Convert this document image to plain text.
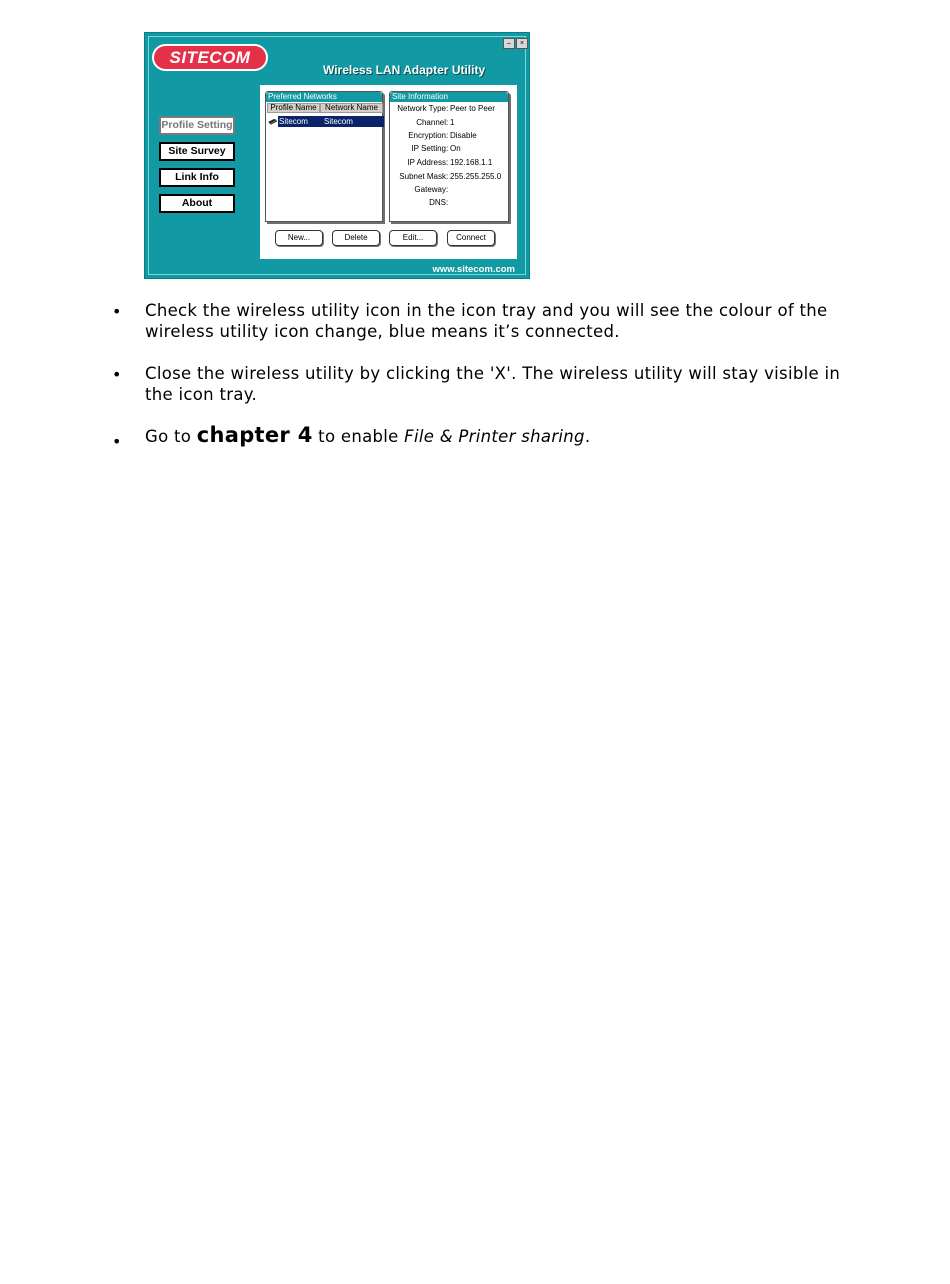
–	×
SITECOM
Wireless LAN Adapter Utility
Profile Setting
Site Survey
Link Info
About
Preferred Networks
Profile Name	Network Name
Sitecom Sitecom
Site Information
Network Type : Peer to Peer
Channel : 1
Encryption : Disable
IP Setting : On
IP Address : 192.168.1.1
Subnet Mask : 255.255.255.0
Gateway :
DNS :
New...	Delete	Edit...	Connect
www.sitecom.com
• Check the wireless utility icon in the icon tray and you will see the colour of the wireless utility icon change, blue means it’s connected.
• Close the wireless utility by clicking the 'X'. The wireless utility will stay visible in the icon tray.
• Go to chapter 4 to enable File & Printer sharing.
